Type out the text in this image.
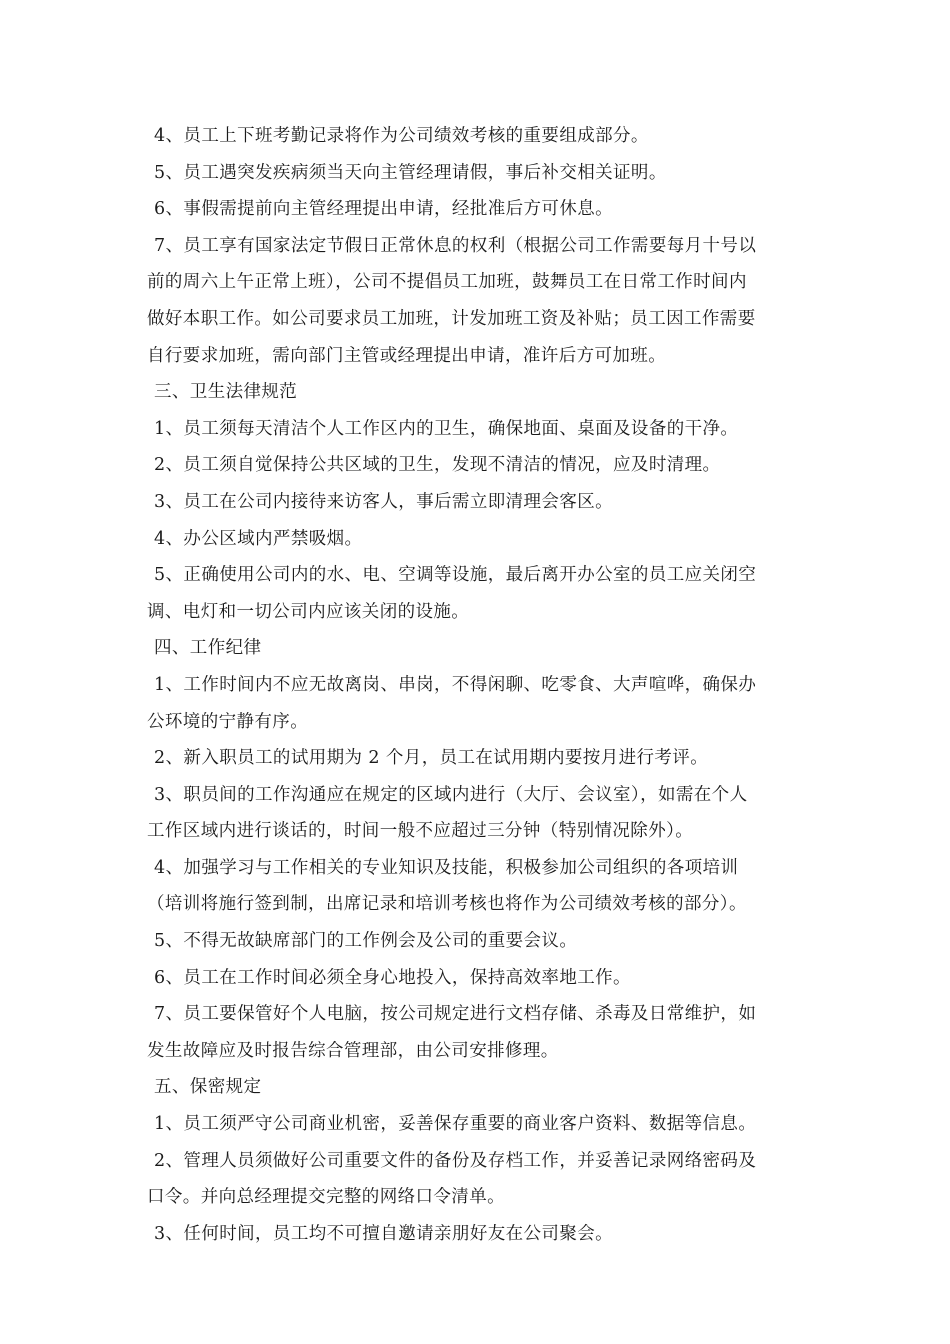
4、员工上下班考勤记录将作为公司绩效考核的重要组成部分。
5、员工遇突发疾病须当天向主管经理请假，事后补交相关证明。
6、事假需提前向主管经理提出申请，经批准后方可休息。
7、员工享有国家法定节假日正常休息的权利（根据公司工作需要每月十号以
前的周六上午正常上班），公司不提倡员工加班，鼓舞员工在日常工作时间内
做好本职工作。如公司要求员工加班，计发加班工资及补贴；员工因工作需要
自行要求加班，需向部门主管或经理提出申请，准许后方可加班。
三、卫生法律规范
1、员工须每天清洁个人工作区内的卫生，确保地面、桌面及设备的干净。
2、员工须自觉保持公共区域的卫生，发现不清洁的情况，应及时清理。
3、员工在公司内接待来访客人，事后需立即清理会客区。
4、办公区域内严禁吸烟。
5、正确使用公司内的水、电、空调等设施，最后离开办公室的员工应关闭空
调、电灯和一切公司内应该关闭的设施。
四、工作纪律
1、工作时间内不应无故离岗、串岗，不得闲聊、吃零食、大声喧哗，确保办
公环境的宁静有序。
2、新入职员工的试用期为 2 个月，员工在试用期内要按月进行考评。
3、职员间的工作沟通应在规定的区域内进行（大厅、会议室），如需在个人
工作区域内进行谈话的，时间一般不应超过三分钟（特别情况除外）。
4、加强学习与工作相关的专业知识及技能，积极参加公司组织的各项培训
（培训将施行签到制，出席记录和培训考核也将作为公司绩效考核的部分）。
5、不得无故缺席部门的工作例会及公司的重要会议。
6、员工在工作时间必须全身心地投入，保持高效率地工作。
7、员工要保管好个人电脑，按公司规定进行文档存储、杀毒及日常维护，如
发生故障应及时报告综合管理部，由公司安排修理。
五、保密规定
1、员工须严守公司商业机密，妥善保存重要的商业客户资料、数据等信息。
2、管理人员须做好公司重要文件的备份及存档工作，并妥善记录网络密码及
口令。并向总经理提交完整的网络口令清单。
3、任何时间，员工均不可擅自邀请亲朋好友在公司聚会。
